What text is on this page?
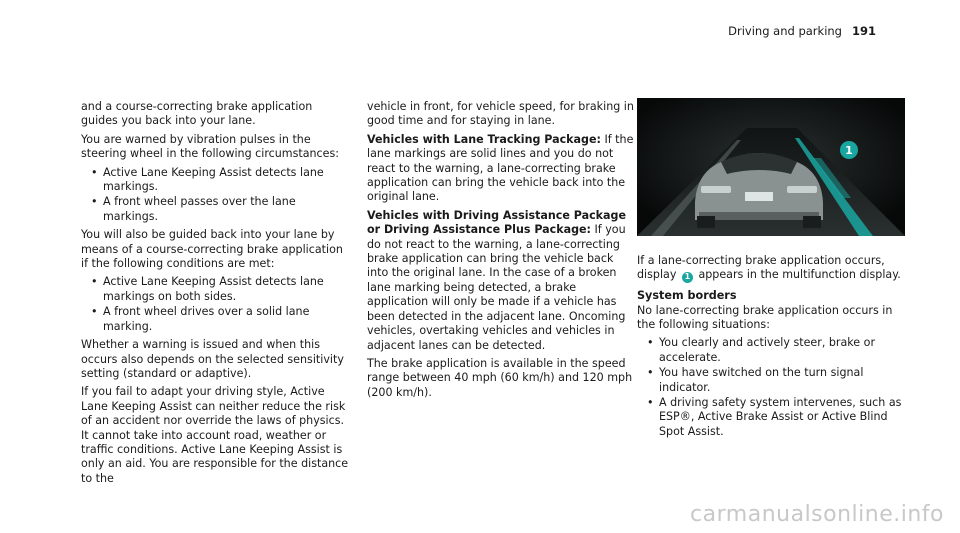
Driving and parking 191

and a course-correcting brake application guides you back into your lane.

You are warned by vibration pulses in the steering wheel in the following circumstances:

• Active Lane Keeping Assist detects lane markings.
• A front wheel passes over the lane markings.

You will also be guided back into your lane by means of a course-correcting brake application if the following conditions are met:

• Active Lane Keeping Assist detects lane markings on both sides.
• A front wheel drives over a solid lane marking.

Whether a warning is issued and when this occurs also depends on the selected sensitivity setting (standard or adaptive).

If you fail to adapt your driving style, Active Lane Keeping Assist can neither reduce the risk of an accident nor override the laws of physics. It cannot take into account road, weather or traffic conditions. Active Lane Keeping Assist is only an aid. You are responsible for the distance to the

vehicle in front, for vehicle speed, for braking in good time and for staying in lane.

Vehicles with Lane Tracking Package: If the lane markings are solid lines and you do not react to the warning, a lane-correcting brake application can bring the vehicle back into the original lane.

Vehicles with Driving Assistance Package or Driving Assistance Plus Package: If you do not react to the warning, a lane-correcting brake application can bring the vehicle back into the original lane. In the case of a broken lane marking being detected, a brake application will only be made if a vehicle has been detected in the adjacent lane. Oncoming vehicles, overtaking vehicles and vehicles in adjacent lanes can be detected.

The brake application is available in the speed range between 40 mph (60 km/h) and 120 mph (200 km/h).

1

If a lane-correcting brake application occurs, display 1 appears in the multifunction display.

System borders

No lane-correcting brake application occurs in the following situations:

• You clearly and actively steer, brake or accelerate.
• You have switched on the turn signal indicator.
• A driving safety system intervenes, such as ESP®, Active Brake Assist or Active Blind Spot Assist.
carmanualsonline.info
